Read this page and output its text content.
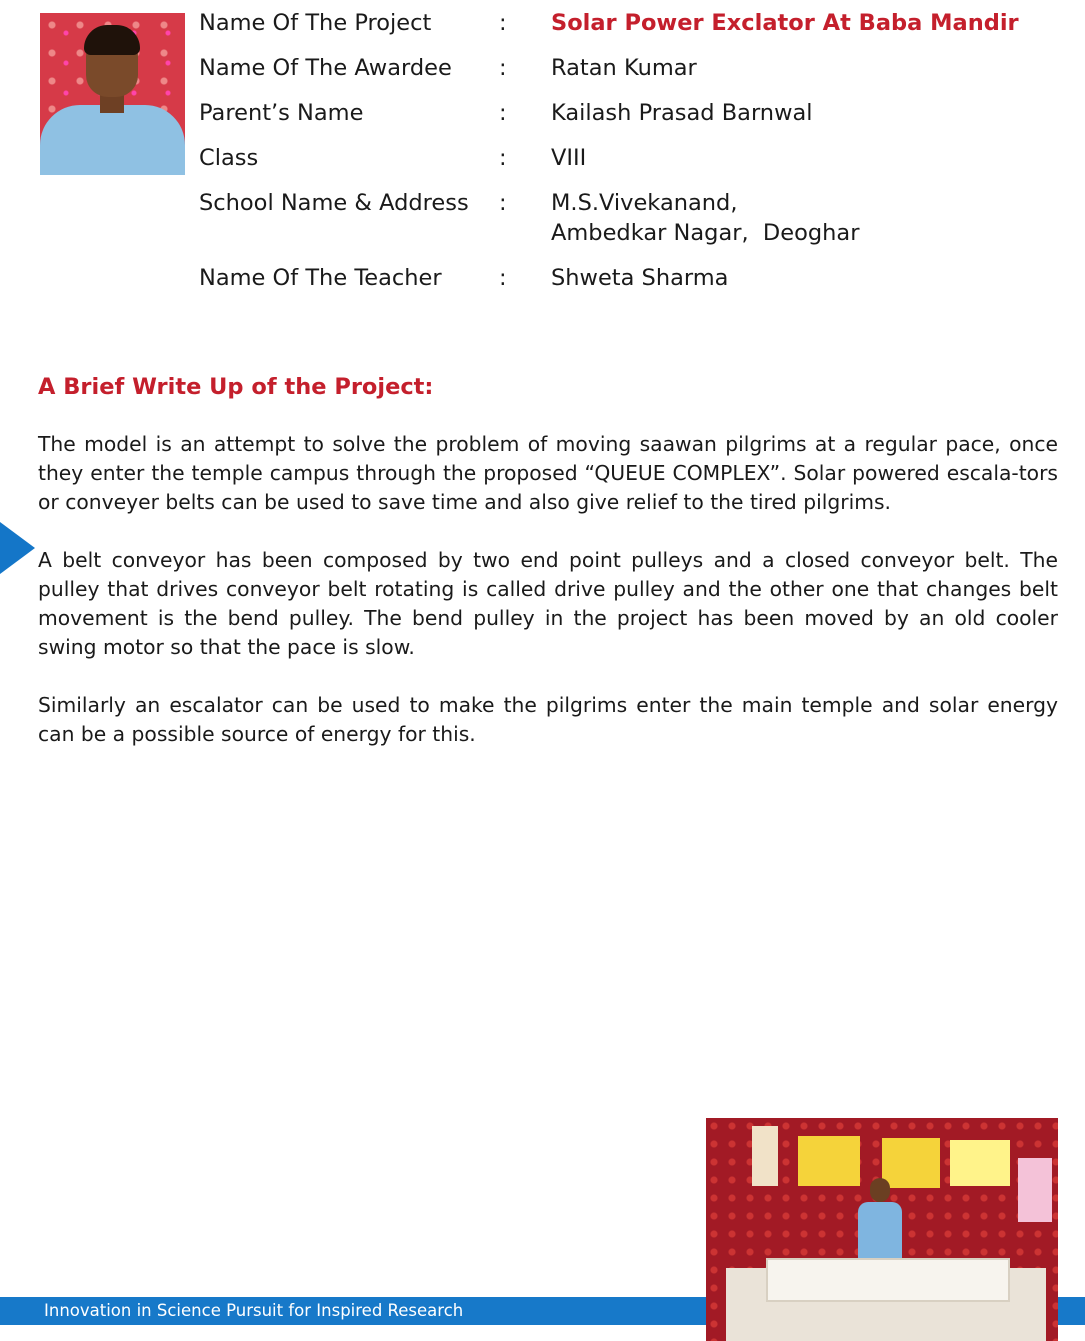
Name Of The Project	:	Solar Power Exclator At Baba Mandir
Name Of The Awardee	:	Ratan Kumar
Parent’s Name	:	Kailash Prasad Barnwal
Class	:	VIII
School Name & Address	:	M.S.Vivekanand,
Ambedkar Nagar,  Deoghar

Name Of The Teacher	:	Shweta Sharma
A Brief Write Up of the Project:

The model is an attempt to solve the problem of moving saawan pilgrims at a regular pace, once they enter the temple campus through the proposed “QUEUE COMPLEX”. Solar powered escala-tors or conveyer belts can be used to save time and also give relief to the tired pilgrims.

A belt conveyor has been composed by two end point pulleys and a closed conveyor belt. The pulley that drives conveyor belt rotating is called drive pulley and the other one that changes belt movement is the bend pulley. The bend pulley in the project has been moved by an old cooler swing motor so that the pace is slow.

Similarly an escalator can be used to make the pilgrims enter the main temple and solar energy can be a possible source of energy for this.

Innovation in Science Pursuit for Inspired Research
